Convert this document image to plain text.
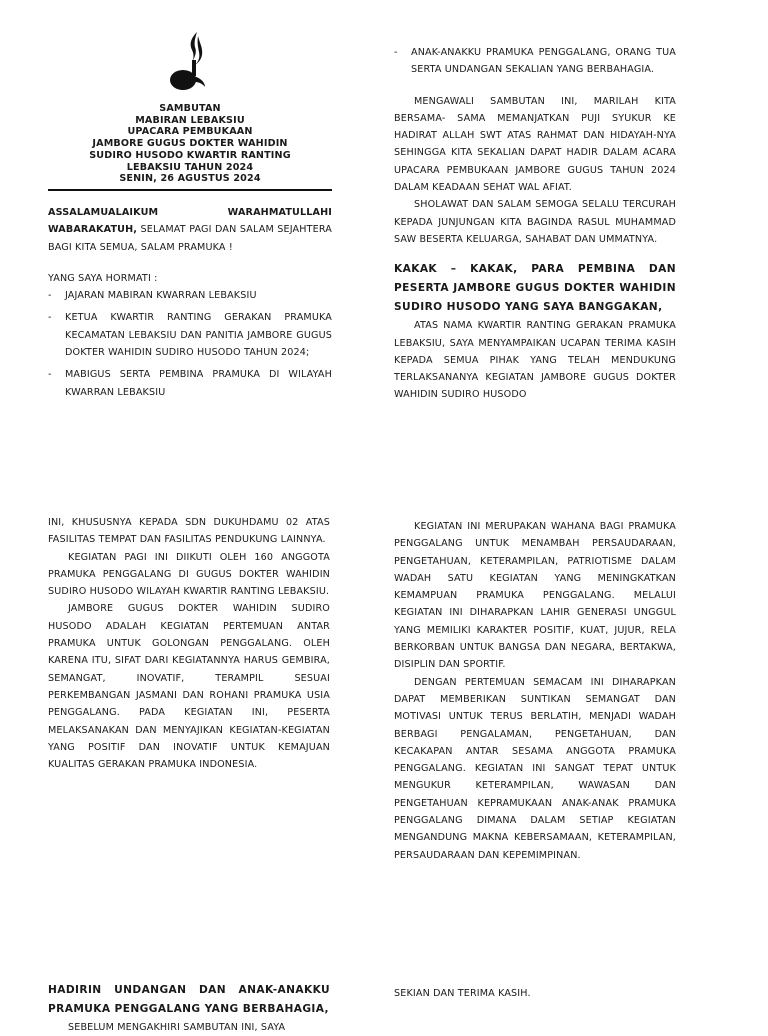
SAMBUTAN
MABIRAN LEBAKSIU
UPACARA PEMBUKAAN
JAMBORE GUGUS DOKTER WAHIDIN
SUDIRO HUSODO KWARTIR RANTING
LEBAKSIU TAHUN 2024
SENIN, 26 AGUSTUS 2024
ASSALAMUALAIKUM WARAHMATULLAHI WABARAKATUH, SELAMAT PAGI DAN SALAM SEJAHTERA BAGI KITA SEMUA, SALAM PRAMUKA !
YANG SAYA HORMATI :
- JAJARAN MABIRAN KWARRAN LEBAKSIU
- KETUA KWARTIR RANTING GERAKAN PRAMUKA KECAMATAN LEBAKSIU DAN PANITIA JAMBORE GUGUS DOKTER WAHIDIN SUDIRO HUSODO TAHUN 2024;
- MABIGUS SERTA PEMBINA PRAMUKA DI WILAYAH KWARRAN LEBAKSIU
- ANAK-ANAKKU PRAMUKA PENGGALANG, ORANG TUA SERTA UNDANGAN SEKALIAN YANG BERBAHAGIA.
MENGAWALI SAMBUTAN INI, MARILAH KITA BERSAMA- SAMA MEMANJATKAN PUJI SYUKUR KE HADIRAT ALLAH SWT ATAS RAHMAT DAN HIDAYAH-NYA SEHINGGA KITA SEKALIAN DAPAT HADIR DALAM ACARA UPACARA PEMBUKAAN JAMBORE GUGUS TAHUN 2024 DALAM KEADAAN SEHAT WAL AFIAT.
SHOLAWAT DAN SALAM SEMOGA SELALU TERCURAH KEPADA JUNJUNGAN KITA BAGINDA RASUL MUHAMMAD SAW BESERTA KELUARGA, SAHABAT DAN UMMATNYA.
KAKAK – KAKAK, PARA PEMBINA DAN PESERTA JAMBORE GUGUS DOKTER WAHIDIN SUDIRO HUSODO YANG SAYA BANGGAKAN,
ATAS NAMA KWARTIR RANTING GERAKAN PRAMUKA LEBAKSIU, SAYA MENYAMPAIKAN UCAPAN TERIMA KASIH KEPADA SEMUA PIHAK YANG TELAH MENDUKUNG TERLAKSANANYA KEGIATAN JAMBORE GUGUS DOKTER WAHIDIN SUDIRO HUSODO
INI, KHUSUSNYA KEPADA SDN DUKUHDAMU 02 ATAS FASILITAS TEMPAT DAN FASILITAS PENDUKUNG LAINNYA.
KEGIATAN PAGI INI DIIKUTI OLEH 160 ANGGOTA PRAMUKA PENGGALANG DI GUGUS DOKTER WAHIDIN SUDIRO HUSODO WILAYAH KWARTIR RANTING LEBAKSIU.
JAMBORE GUGUS DOKTER WAHIDIN SUDIRO HUSODO ADALAH KEGIATAN PERTEMUAN ANTAR PRAMUKA UNTUK GOLONGAN PENGGALANG. OLEH KARENA ITU, SIFAT DARI KEGIATANNYA HARUS GEMBIRA, SEMANGAT, INOVATIF, TERAMPIL SESUAI PERKEMBANGAN JASMANI DAN ROHANI PRAMUKA USIA PENGGALANG. PADA KEGIATAN INI, PESERTA MELAKSANAKAN DAN MENYAJIKAN KEGIATAN-KEGIATAN YANG POSITIF DAN INOVATIF UNTUK KEMAJUAN KUALITAS GERAKAN PRAMUKA INDONESIA.
KEGIATAN INI MERUPAKAN WAHANA BAGI PRAMUKA PENGGALANG UNTUK MENAMBAH PERSAUDARAAN, PENGETAHUAN, KETERAMPILAN, PATRIOTISME DALAM WADAH SATU KEGIATAN YANG MENINGKATKAN KEMAMPUAN PRAMUKA PENGGALANG. MELALUI KEGIATAN INI DIHARAPKAN LAHIR GENERASI UNGGUL YANG MEMILIKI KARAKTER POSITIF, KUAT, JUJUR, RELA BERKORBAN UNTUK BANGSA DAN NEGARA, BERTAKWA, DISIPLIN DAN SPORTIF.
DENGAN PERTEMUAN SEMACAM INI DIHARAPKAN DAPAT MEMBERIKAN SUNTIKAN SEMANGAT DAN MOTIVASI UNTUK TERUS BERLATIH, MENJADI WADAH BERBAGI PENGALAMAN, PENGETAHUAN, DAN KECAKAPAN ANTAR SESAMA ANGGOTA PRAMUKA PENGGALANG. KEGIATAN INI SANGAT TEPAT UNTUK MENGUKUR KETERAMPILAN, WAWASAN DAN PENGETAHUAN KEPRAMUKAAN ANAK-ANAK PRAMUKA PENGGALANG DIMANA DALAM SETIAP KEGIATAN MENGANDUNG MAKNA KEBERSAMAAN, KETERAMPILAN, PERSAUDARAAN DAN KEPEMIMPINAN.
HADIRIN UNDANGAN DAN ANAK-ANAKKU PRAMUKA PENGGALANG YANG BERBAHAGIA,
SEBELUM MENGAKHIRI SAMBUTAN INI, SAYA
SEKIAN DAN TERIMA KASIH.
